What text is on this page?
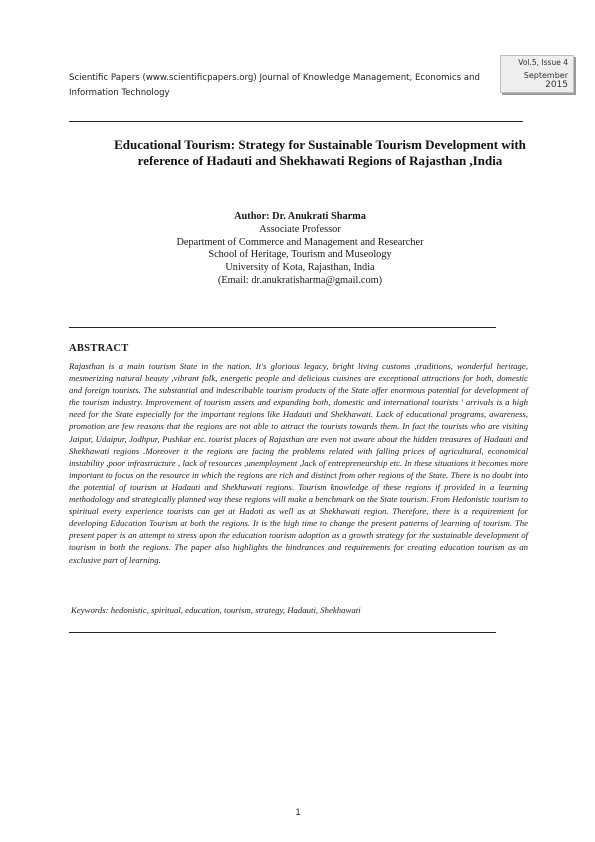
Scientific Papers (www.scientificpapers.org) Journal of Knowledge Management, Economics and Information Technology
Vol.5, Issue 4
September 2015
Educational Tourism: Strategy for Sustainable Tourism Development with reference of Hadauti and Shekhawati Regions of Rajasthan ,India
Author: Dr. Anukrati Sharma
Associate Professor
Department of Commerce and Management and Researcher
School of Heritage, Tourism and Museology
University of Kota, Rajasthan, India
(Email: dr.anukratisharma@gmail.com)
ABSTRACT
Rajasthan is a main tourism State in the nation. It's glorious legacy, bright living customs ,traditions, wonderful heritage, mesmerizing natural beauty ,vibrant folk, energetic people and delicious cuisines are exceptional attractions for both, domestic and foreign tourists. The substantial and indescribable tourism products of the State offer enormous potential for development of the tourism industry. Improvement of tourism assets and expanding both, domestic and international tourists ' arrivals is a high need for the State especially for the important regions like Hadauti and Shekhawati. Lack of educational programs, awareness, promotion are few reasons that the regions are not able to attract the tourists towards them. In fact the tourists who are visiting Jaipur, Udaipur, Jodhpur, Pushkar etc. tourist places of Rajasthan are even not aware about the hidden treasures of Hadauti and Shekhawati regions .Moreover it the regions are facing the problems related with falling prices of agricultural, economical instability ,poor infrastructure , lack of resources ,unemployment ,lack of entrepreneurship etc. In these situations it becomes more important to focus on the resource in which the regions are rich and distinct from other regions of the State. There is no doubt into the potential of tourism at Hadauti and Shekhawati regions. Tourism knowledge of these regions if provided in a learning methodology and strategically planned way these regions will make a benchmark on the State tourism. From Hedonistic tourism to spiritual every experience tourists can get at Hadoti as well as at Shekhawati region. Therefore, there is a requirement for developing Education Tourism at both the regions. It is the high time to change the present patterns of learning of tourism. The present paper is an attempt to stress upon the education tourism adoption as a growth strategy for the sustainable development of tourism in both the regions. The paper also highlights the hindrances and requirements for creating education tourism as an exclusive part of learning.
Keywords: hedonistic, spiritual, education, tourism, strategy, Hadauti, Shekhawati
1
